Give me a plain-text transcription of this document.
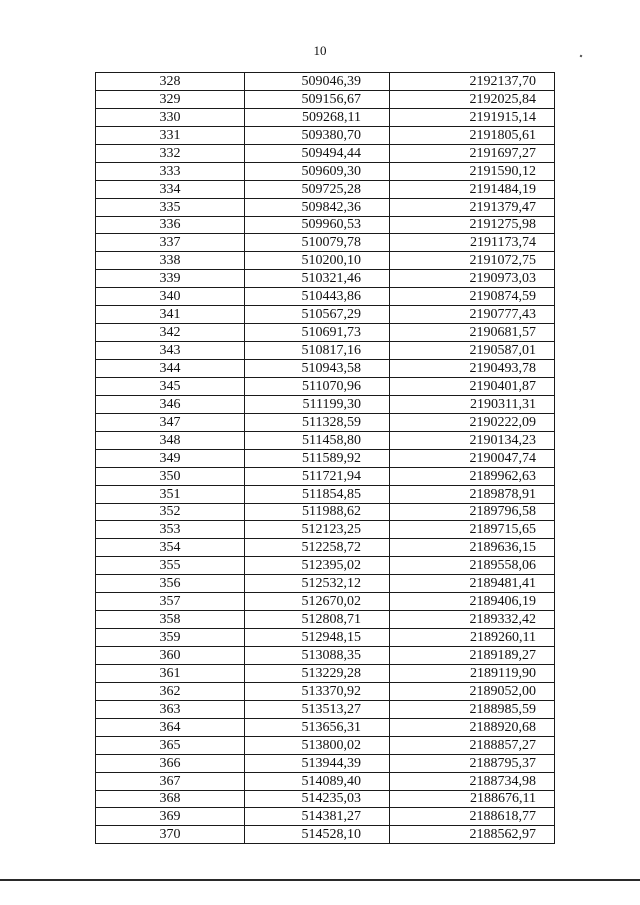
10
328	509046,39	2192137,70
329	509156,67	2192025,84
330	509268,11	2191915,14
331	509380,70	2191805,61
332	509494,44	2191697,27
333	509609,30	2191590,12
334	509725,28	2191484,19
335	509842,36	2191379,47
336	509960,53	2191275,98
337	510079,78	2191173,74
338	510200,10	2191072,75
339	510321,46	2190973,03
340	510443,86	2190874,59
341	510567,29	2190777,43
342	510691,73	2190681,57
343	510817,16	2190587,01
344	510943,58	2190493,78
345	511070,96	2190401,87
346	511199,30	2190311,31
347	511328,59	2190222,09
348	511458,80	2190134,23
349	511589,92	2190047,74
350	511721,94	2189962,63
351	511854,85	2189878,91
352	511988,62	2189796,58
353	512123,25	2189715,65
354	512258,72	2189636,15
355	512395,02	2189558,06
356	512532,12	2189481,41
357	512670,02	2189406,19
358	512808,71	2189332,42
359	512948,15	2189260,11
360	513088,35	2189189,27
361	513229,28	2189119,90
362	513370,92	2189052,00
363	513513,27	2188985,59
364	513656,31	2188920,68
365	513800,02	2188857,27
366	513944,39	2188795,37
367	514089,40	2188734,98
368	514235,03	2188676,11
369	514381,27	2188618,77
370	514528,10	2188562,97
